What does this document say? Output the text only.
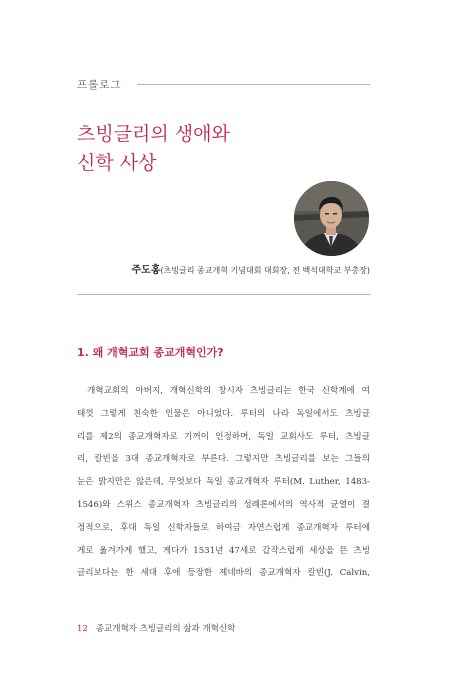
프롤로그
츠빙글리의 생애와
신학 사상
주도홍(츠빙글리 종교개혁 기념대회 대회장, 전 백석대학교 부총장)
1. 왜 개혁교회 종교개혁인가?
개혁교회의 아버지, 개혁신학의 창시자 츠빙글리는 한국 신학계에 여
태껏 그렇게 친숙한 인물은 아니었다. 루터의 나라 독일에서도 츠빙글
리를 제2의 종교개혁자로 기꺼이 인정하며, 독일 교회사도 루터, 츠빙글
리, 칼빈을 3대 종교개혁자로 부른다. 그렇지만 츠빙글리를 보는 그들의
눈은 밝지만은 않은데, 무엇보다 독일 종교개혁자 루터(M. Luther, 1483-
1546)와 스위스 종교개혁자 츠빙글리의 성례론에서의 역사적 균열이 결
정적으로, 후대 독일 신학자들로 하여금 자연스럽게 종교개혁자 루터에
게로 옮겨가게 했고, 게다가 1531년 47세로 갑작스럽게 세상을 뜬 츠빙
글리보다는 한 세대 후에 등장한 제네바의 종교개혁자 칼빈(J. Calvin,
12 종교개혁자 츠빙글리의 삶과 개혁신학
